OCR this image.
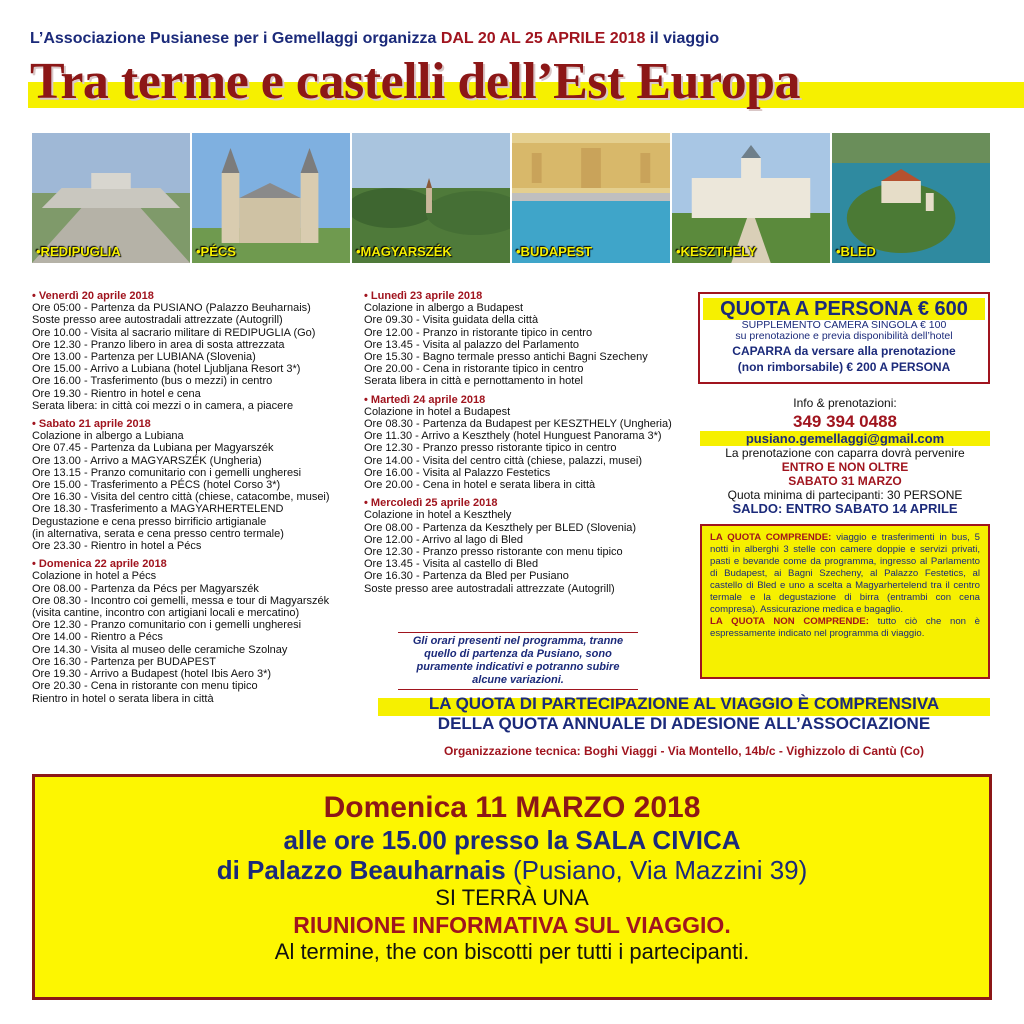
L’Associazione Pusianese per i Gemellaggi organizza DAL 20 AL 25 APRILE 2018 il viaggio
Tra terme e castelli dell’Est Europa
•REDIPUGLIA	•PÉCS	•MAGYARSZÉK	•BUDAPEST	•KESZTHELY	•BLED
• Venerdì 20 aprile 2018
Ore 05:00 - Partenza da PUSIANO (Palazzo Beuharnais)
Soste presso aree autostradali attrezzate (Autogrill)
Ore 10.00 - Visita al sacrario militare di REDIPUGLIA (Go)
Ore 12.30 - Pranzo libero in area di sosta attrezzata
Ore 13.00 - Partenza per LUBIANA (Slovenia)
Ore 15.00 - Arrivo a Lubiana (hotel Ljubljana Resort 3*)
Ore 16.00 - Trasferimento (bus o mezzi) in centro
Ore 19.30 - Rientro in hotel e cena
Serata libera: in città coi mezzi o in camera, a piacere
• Sabato 21 aprile 2018
Colazione in albergo a Lubiana
Ore 07.45 - Partenza da Lubiana per Magyarszék
Ore 13.00 - Arrivo a MAGYARSZÉK (Ungheria)
Ore 13.15 - Pranzo comunitario con i gemelli ungheresi
Ore 15.00 - Trasferimento a PÉCS (hotel Corso 3*)
Ore 16.30 - Visita del centro città (chiese, catacombe, musei)
Ore 18.30 - Trasferimento a MAGYARHERTELEND
Degustazione e cena presso birrificio artigianale
(in alternativa, serata e cena presso centro termale)
Ore 23.30 - Rientro in hotel a Pécs
• Domenica 22 aprile 2018
Colazione in hotel a Pécs
Ore 08.00 - Partenza da Pécs per Magyarszék
Ore 08.30 - Incontro coi gemelli, messa e tour di Magyarszék
(visita cantine, incontro con artigiani locali e mercatino)
Ore 12.30 - Pranzo comunitario con i gemelli ungheresi
Ore 14.00 - Rientro a Pécs
Ore 14.30 - Visita al museo delle ceramiche Szolnay
Ore 16.30 - Partenza per BUDAPEST
Ore 19.30 - Arrivo a Budapest (hotel Ibis Aero 3*)
Ore 20.30 - Cena in ristorante con menu tipico
Rientro in hotel o serata libera in città
• Lunedì 23 aprile 2018
Colazione in albergo a Budapest
Ore 09.30 - Visita guidata della città
Ore 12.00 - Pranzo in ristorante tipico in centro
Ore 13.45 - Visita al palazzo del Parlamento
Ore 15.30 - Bagno termale presso antichi Bagni Szecheny
Ore 20.00 - Cena in ristorante tipico in centro
Serata libera in città e pernottamento in hotel
• Martedì 24 aprile 2018
Colazione in hotel a Budapest
Ore 08.30 - Partenza da Budapest per KESZTHELY (Ungheria)
Ore 11.30 - Arrivo a Keszthely (hotel Hunguest Panorama 3*)
Ore 12.30 - Pranzo presso ristorante tipico in centro
Ore 14.00 - Visita del centro città (chiese, palazzi, musei)
Ore 16.00 - Visita al Palazzo Festetics
Ore 20.00 - Cena in hotel e serata libera in città
• Mercoledì 25 aprile 2018
Colazione in hotel a Keszthely
Ore 08.00 - Partenza da Keszthely per BLED (Slovenia)
Ore 12.00 - Arrivo al lago di Bled
Ore 12.30 - Pranzo presso ristorante con menu tipico
Ore 13.45 - Visita al castello di Bled
Ore 16.30 - Partenza da Bled per Pusiano
Soste presso aree autostradali attrezzate (Autogrill)
Gli orari presenti nel programma, tranne quello di partenza da Pusiano, sono puramente indicativi e potranno subire alcune variazioni.
QUOTA A PERSONA € 600
SUPPLEMENTO CAMERA SINGOLA € 100
su prenotazione e previa disponibilità dell’hotel
CAPARRA da versare alla prenotazione
(non rimborsabile) € 200 A PERSONA
Info & prenotazioni:
349 394 0488
pusiano.gemellaggi@gmail.com
La prenotazione con caparra dovrà pervenire
ENTRO E NON OLTRE
SABATO 31 MARZO
Quota minima di partecipanti: 30 PERSONE
SALDO: ENTRO SABATO 14 APRILE
LA QUOTA COMPRENDE: viaggio e trasferimenti in bus, 5 notti in alberghi 3 stelle con camere doppie e servizi privati, pasti e bevande come da programma, ingresso al Parlamento di Budapest, ai Bagni Szecheny, al Palazzo Festetics, al castello di Bled e uno a scelta a Magyarhertelend tra il centro termale e la degustazione di birra (entrambi con cena compresa). Assicurazione medica e bagaglio.
LA QUOTA NON COMPRENDE: tutto ciò che non è espressamente indicato nel programma di viaggio.
LA QUOTA DI PARTECIPAZIONE AL VIAGGIO È COMPRENSIVA
DELLA QUOTA ANNUALE DI ADESIONE ALL’ASSOCIAZIONE
Organizzazione tecnica: Boghi Viaggi - Via Montello, 14b/c - Vighizzolo di Cantù (Co)
Domenica 11 MARZO 2018
alle ore 15.00 presso la SALA CIVICA
di Palazzo Beauharnais (Pusiano, Via Mazzini 39)
SI TERRÀ UNA
RIUNIONE INFORMATIVA SUL VIAGGIO.
Al termine, the con biscotti per tutti i partecipanti.
